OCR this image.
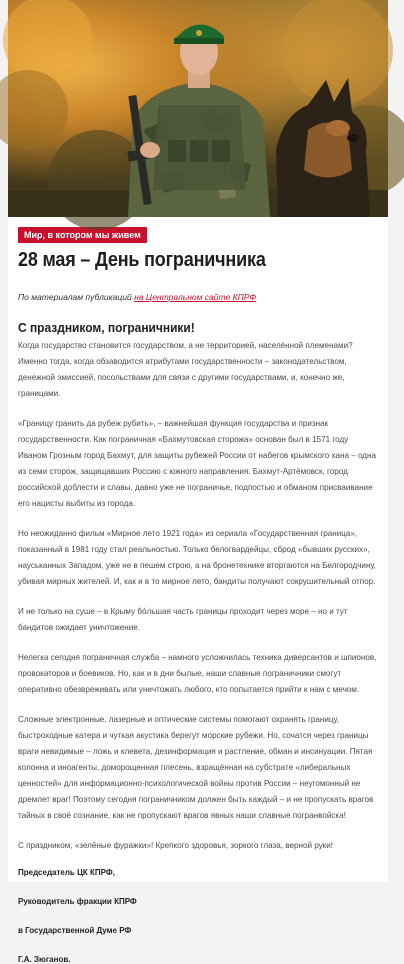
Мир, в котором мы живем
28 мая – День пограничника
По материалам публикаций на Центральном сайте КПРФ
С праздником, пограничники!

Когда государство становится государством, а не территорией, населённой племенами? Именно тогда, когда обзаводится атрибутами государственности – законодательством, денежной эмиссией, посольствами для связи с другими государствами, и, конечно же, границами.

«Границу гранить да рубеж рубить», – важнейшая функция государства и признак государственности. Как пограничная «Бахмутовская сторожа» основан был в 1571 году Иваном Грозным город Бахмут, для защиты рубежей России от набегов крымского хана – одна из семи сторож, защищавших Россию с южного направления. Бахмут-Артёмовск, город российской доблести и славы, давно уже не пограничье, подпостью и обманом присваивание его нацисты выбиты из города.

Но неожиданно фильм «Мирное лето 1921 года» из сериала «Государственная граница», показанный в 1981 году стал реальностью. Только белогвардейцы, сброд «бывших русских», науськанных Западом, уже не в пешем строю, а на бронетехнике вторгаются на Белгородчину, убивая мирных жителей. И, как и в то мирное лето, бандиты получают сокрушительный отпор.

И не только на суше – в Крыму бо́льшая часть границы проходит через море – но и тут бандитов ожидает уничтожение.

Нелегка сегодня пограничная служба – намного усложнилась техника диверсантов и шпионов, провокаторов и боевиков. Но, как и в дни былые, наши славные пограничники смогут оперативно обезвреживать или уничтожать любого, кто попытается прийти к нам с мечом.

Сложные электронные, лазерные и оптические системы помогают охранять границу, быстроходные катера и чуткая акустика берегут морские рубежи. Но, сочатся через границы враги невидимые – ложь и клевета, дезинформация и растление, обман и инсинуации. Пятая колонна и иноагенты, доморощенная плесень, взращённая на субстрате «либеральных ценностей» для информационно-психологической войны против России – неугомонный не дремлет враг! Поэтому сегодня пограничником должен быть каждый – и не пропускать врагов тайных в своё сознание, как не пропускают врагов явных наши славные погранвойска!

С праздником, «зелёные фуражки»! Крепкого здоровья, зоркого глаза, верной руки!

Председатель ЦК КПРФ,

Руководитель фракции КПРФ

в Государственной Думе РФ

Г.А. Зюганов.
